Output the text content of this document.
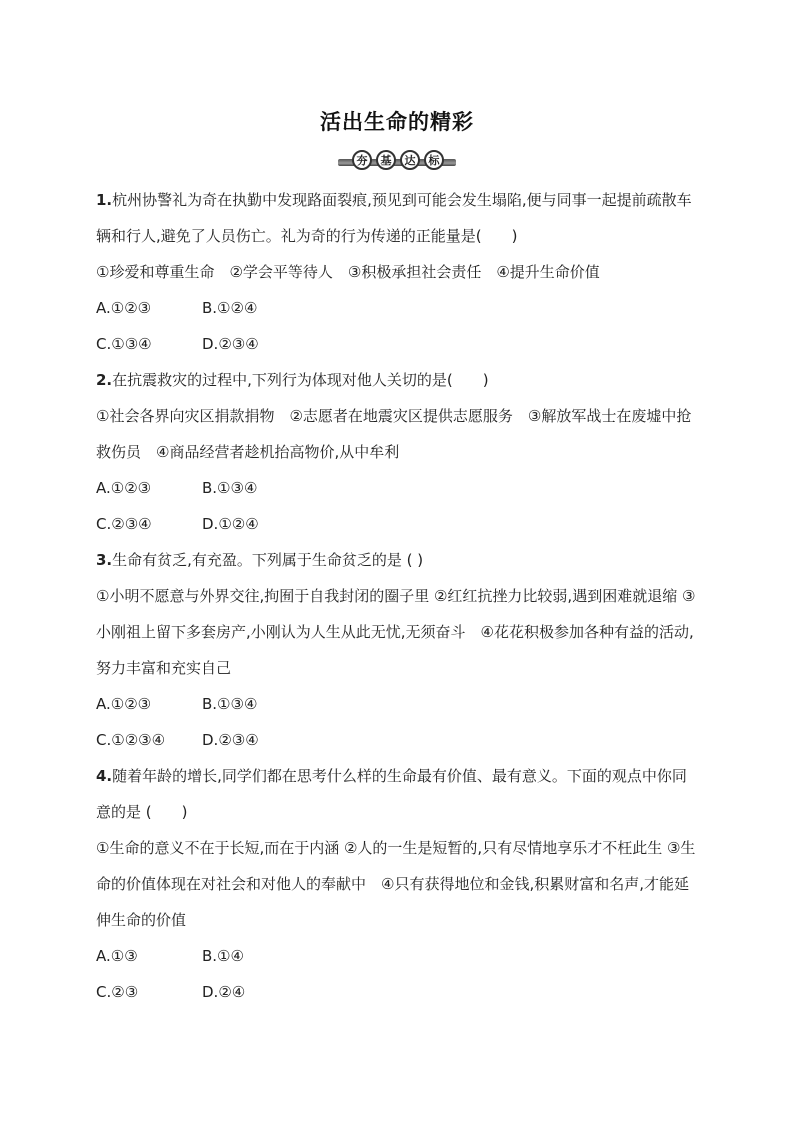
活出生命的精彩
夯	基	达	标

1.杭州协警礼为奇在执勤中发现路面裂痕,预见到可能会发生塌陷,便与同事一起提前疏散车辆和行人,避免了人员伤亡。礼为奇的行为传递的正能量是(　　)

①珍爱和尊重生命　②学会平等待人　③积极承担社会责任　④提升生命价值

A.①②③	B.①②④

C.①③④	D.②③④

2.在抗震救灾的过程中,下列行为体现对他人关切的是(　　)

①社会各界向灾区捐款捐物　②志愿者在地震灾区提供志愿服务　③解放军战士在废墟中抢救伤员　④商品经营者趁机抬高物价,从中牟利

A.①②③	B.①③④

C.②③④	D.①②④

3.生命有贫乏,有充盈。下列属于生命贫乏的是 ( )

①小明不愿意与外界交往,拘囿于自我封闭的圈子里 ②红红抗挫力比较弱,遇到困难就退缩 ③小刚祖上留下多套房产,小刚认为人生从此无忧,无须奋斗　④花花积极参加各种有益的活动,努力丰富和充实自己

A.①②③	B.①③④

C.①②③④	D.②③④

4.随着年龄的增长,同学们都在思考什么样的生命最有价值、最有意义。下面的观点中你同意的是 (　　)

①生命的意义不在于长短,而在于内涵 ②人的一生是短暂的,只有尽情地享乐才不枉此生 ③生命的价值体现在对社会和对他人的奉献中　④只有获得地位和金钱,积累财富和名声,才能延伸生命的价值

A.①③	B.①④

C.②③	D.②④
